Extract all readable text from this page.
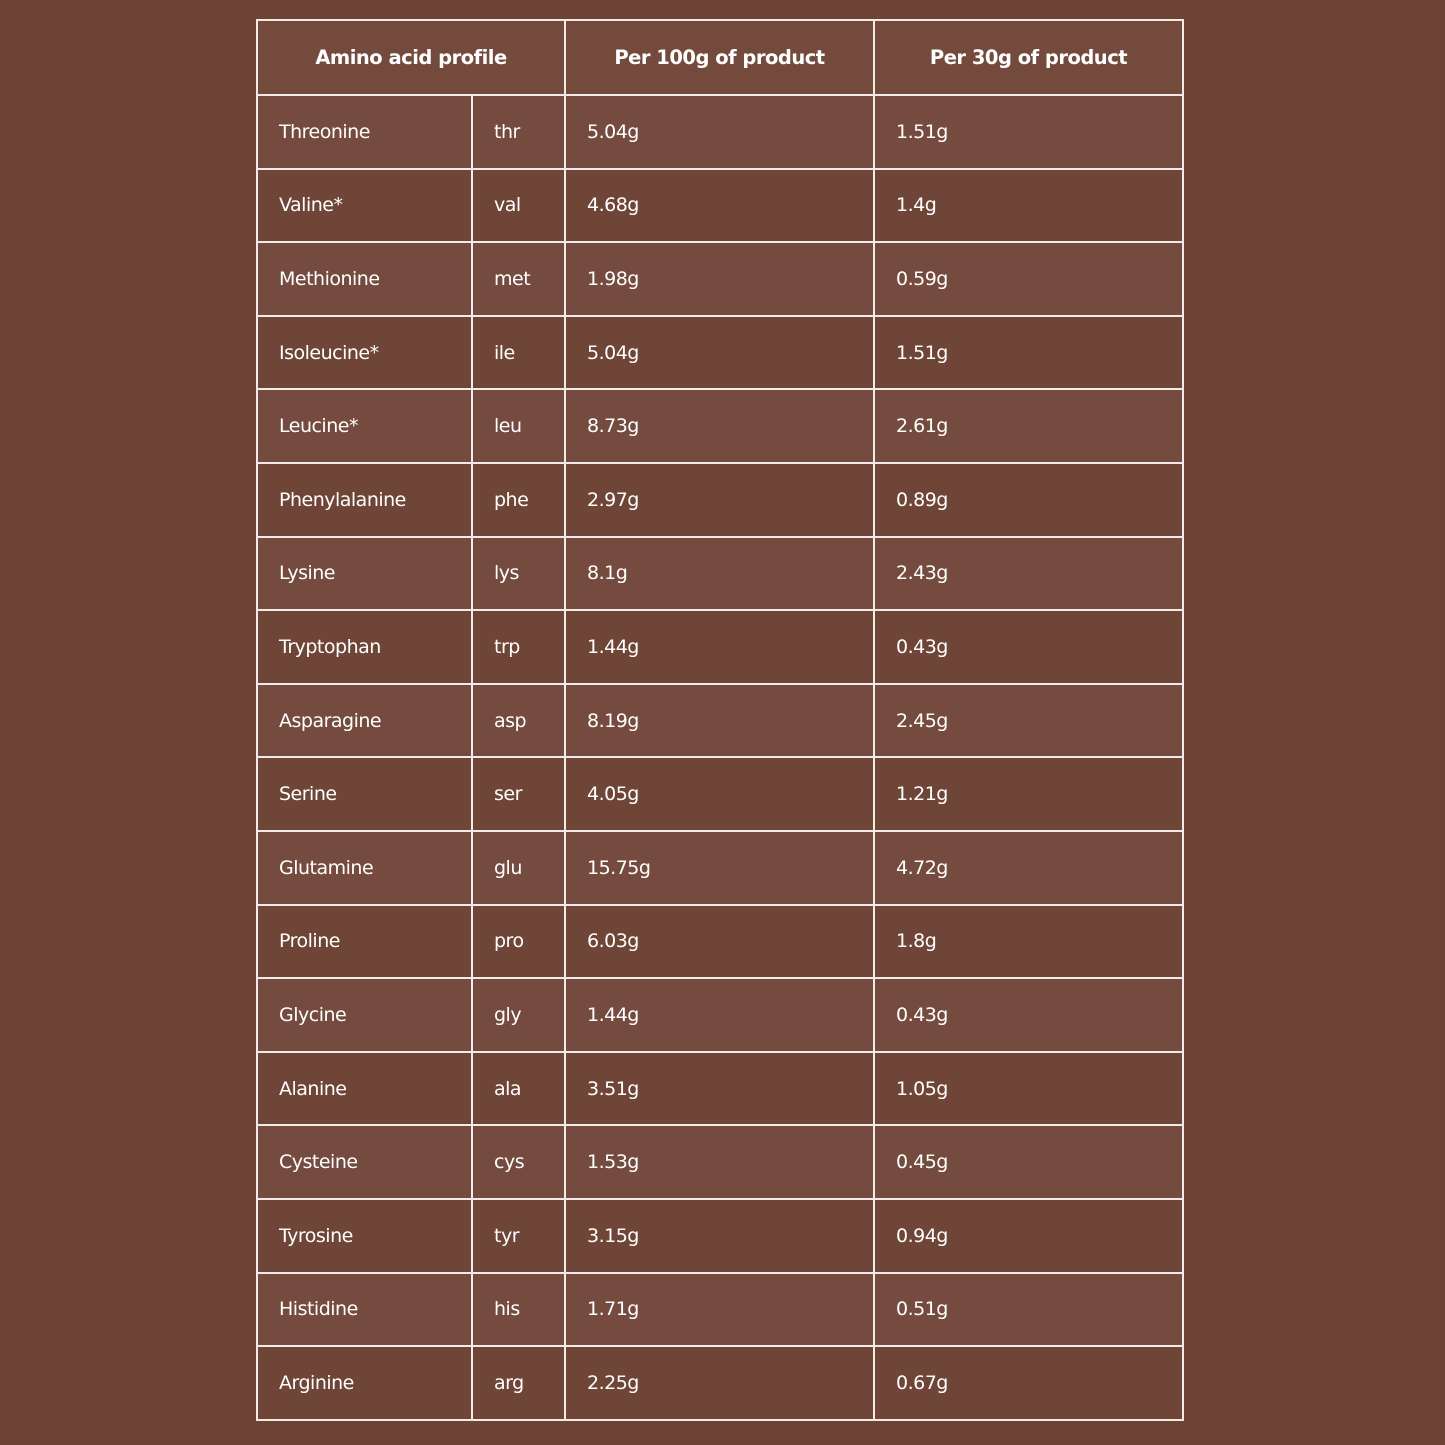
Amino acid profile		Per 100g of product	Per 30g of product
Threonine	thr	5.04g	1.51g
Valine*	val	4.68g	1.4g
Methionine	met	1.98g	0.59g
Isoleucine*	ile	5.04g	1.51g
Leucine*	leu	8.73g	2.61g
Phenylalanine	phe	2.97g	0.89g
Lysine	lys	8.1g	2.43g
Tryptophan	trp	1.44g	0.43g
Asparagine	asp	8.19g	2.45g
Serine	ser	4.05g	1.21g
Glutamine	glu	15.75g	4.72g
Proline	pro	6.03g	1.8g
Glycine	gly	1.44g	0.43g
Alanine	ala	3.51g	1.05g
Cysteine	cys	1.53g	0.45g
Tyrosine	tyr	3.15g	0.94g
Histidine	his	1.71g	0.51g
Arginine	arg	2.25g	0.67g
